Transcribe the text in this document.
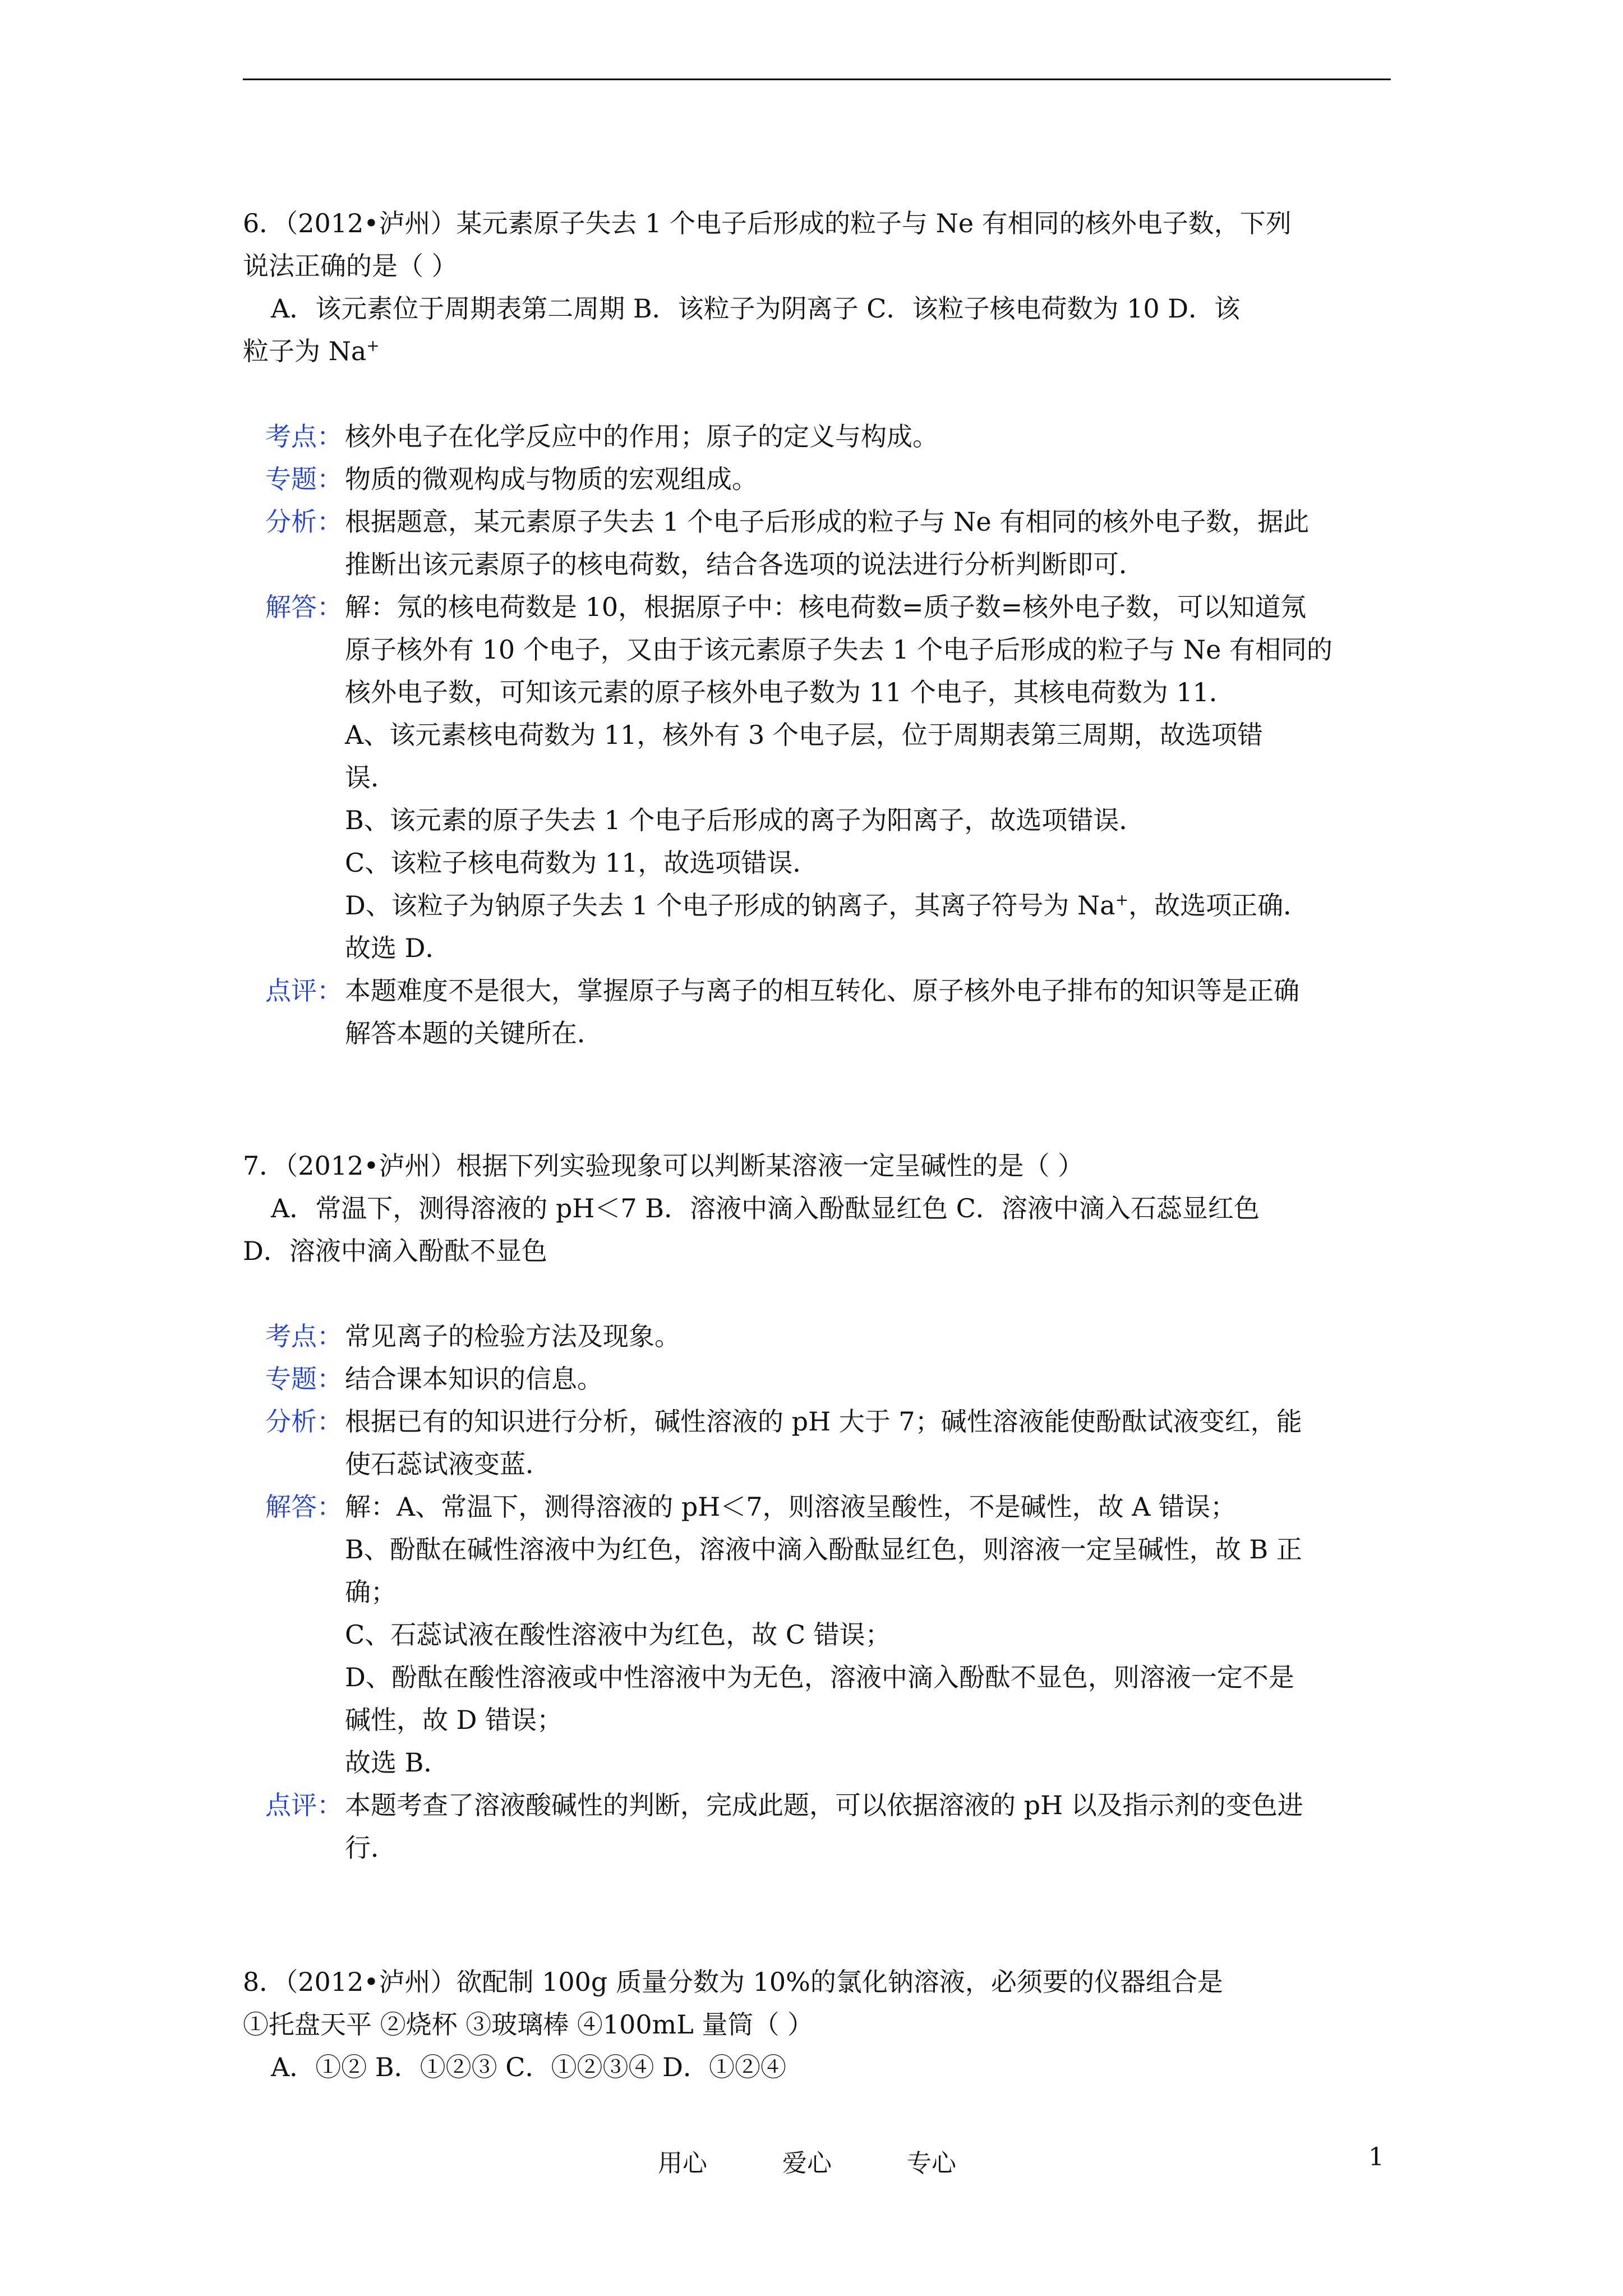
6．（2012•泸州）某元素原子失去 1 个电子后形成的粒子与 Ne 有相同的核外电子数，下列
说法正确的是（ ）
A．该元素位于周期表第二周期 B．该粒子为阴离子 C．该粒子核电荷数为 10 D．该
粒子为 Na+
考点： 核外电子在化学反应中的作用；原子的定义与构成。
专题： 物质的微观构成与物质的宏观组成。
分析： 根据题意，某元素原子失去 1 个电子后形成的粒子与 Ne 有相同的核外电子数，据此
推断出该元素原子的核电荷数，结合各选项的说法进行分析判断即可．
解答： 解：氖的核电荷数是 10，根据原子中：核电荷数=质子数=核外电子数，可以知道氖
原子核外有 10 个电子，又由于该元素原子失去 1 个电子后形成的粒子与 Ne 有相同的
核外电子数，可知该元素的原子核外电子数为 11 个电子，其核电荷数为 11．
A、该元素核电荷数为 11，核外有 3 个电子层，位于周期表第三周期，故选项错
误．
B、该元素的原子失去 1 个电子后形成的离子为阳离子，故选项错误．
C、该粒子核电荷数为 11，故选项错误．
D、该粒子为钠原子失去 1 个电子形成的钠离子，其离子符号为 Na+，故选项正确．
故选 D．
点评： 本题难度不是很大，掌握原子与离子的相互转化、原子核外电子排布的知识等是正确
解答本题的关键所在．
7．（2012•泸州）根据下列实验现象可以判断某溶液一定呈碱性的是（ ）
A．常温下，测得溶液的 pH＜7 B．溶液中滴入酚酞显红色 C．溶液中滴入石蕊显红色
D．溶液中滴入酚酞不显色
考点： 常见离子的检验方法及现象。
专题： 结合课本知识的信息。
分析： 根据已有的知识进行分析，碱性溶液的 pH 大于 7；碱性溶液能使酚酞试液变红，能
使石蕊试液变蓝．
解答： 解：A、常温下，测得溶液的 pH＜7，则溶液呈酸性，不是碱性，故 A 错误；
B、酚酞在碱性溶液中为红色，溶液中滴入酚酞显红色，则溶液一定呈碱性，故 B 正
确；
C、石蕊试液在酸性溶液中为红色，故 C 错误；
D、酚酞在酸性溶液或中性溶液中为无色，溶液中滴入酚酞不显色，则溶液一定不是
碱性，故 D 错误；
故选 B．
点评： 本题考查了溶液酸碱性的判断，完成此题，可以依据溶液的 pH 以及指示剂的变色进
行．
8．（2012•泸州）欲配制 100g 质量分数为 10%的氯化钠溶液，必须要的仪器组合是
①托盘天平 ②烧杯 ③玻璃棒 ④100mL 量筒（ ）
A．①② B．①②③ C．①②③④ D．①②④
用心	爱心	专心	1
